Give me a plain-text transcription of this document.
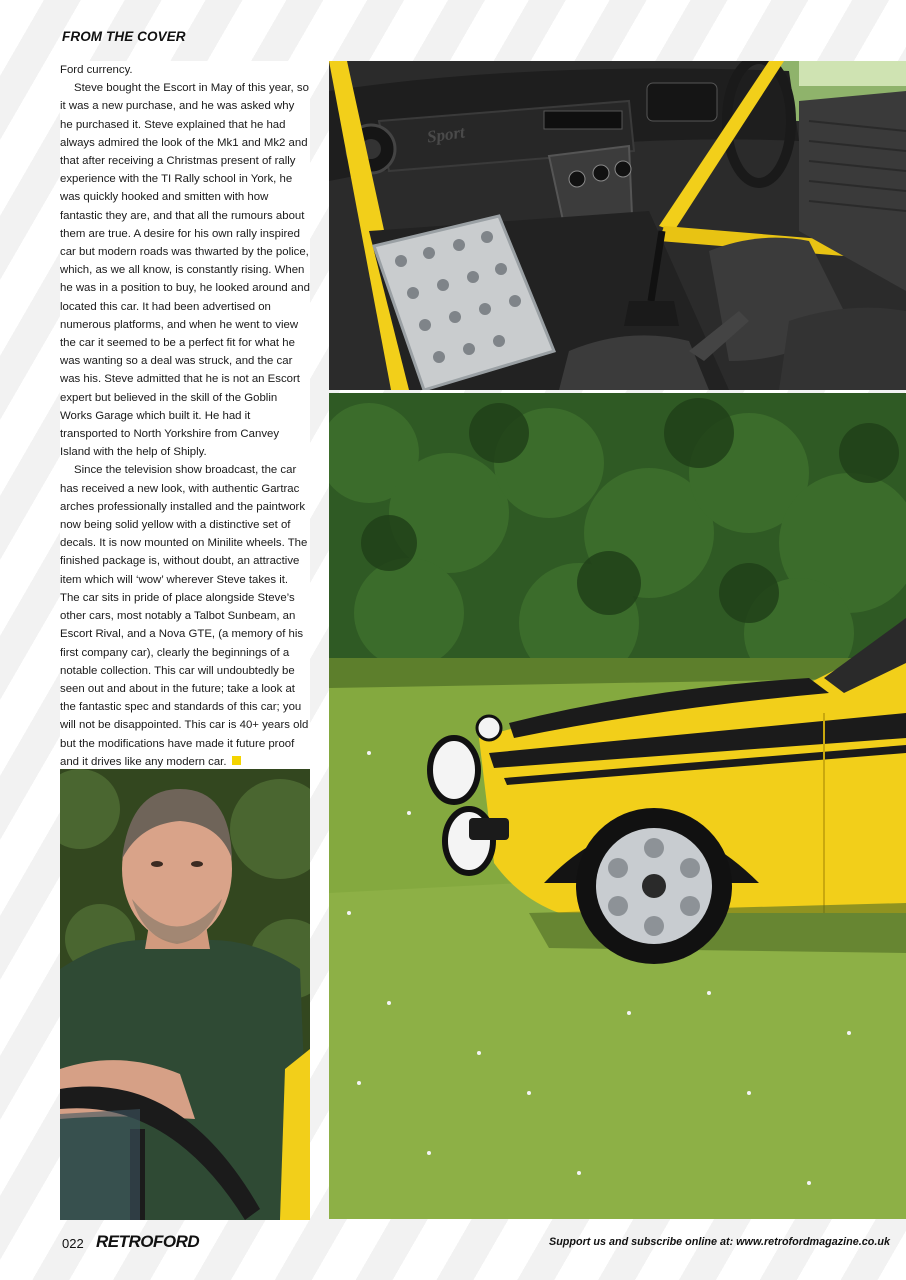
FROM THE COVER

Ford currency.

Steve bought the Escort in May of this year, so it was a new purchase, and he was asked why he purchased it. Steve explained that he had always admired the look of the Mk1 and Mk2 and that after receiving a Christmas present of rally experience with the TI Rally school in York, he was quickly hooked and smitten with how fantastic they are, and that all the rumours about them are true. A desire for his own rally inspired car but modern roads was thwarted by the police, which, as we all know, is constantly rising. When he was in a position to buy, he looked around and located this car. It had been advertised on numerous platforms, and when he went to view the car it seemed to be a perfect fit for what he was wanting so a deal was struck, and the car was his. Steve admitted that he is not an Escort expert but believed in the skill of the Goblin Works Garage which built it. He had it transported to North Yorkshire from Canvey Island with the help of Shiply.

Since the television show broadcast, the car has received a new look, with authentic Gartrac arches professionally installed and the paintwork now being solid yellow with a distinctive set of decals. It is now mounted on Minilite wheels. The finished package is, without doubt, an attractive item which will ‘wow’ wherever Steve takes it. The car sits in pride of place alongside Steve’s other cars, most notably a Talbot Sunbeam, an Escort Rival, and a Nova GTE, (a memory of his first company car), clearly the beginnings of a notable collection. This car will undoubtedly be seen out and about in the future; take a look at the fantastic spec and standards of this car; you will not be disappointed. This car is 40+ years old but the modifications have made it future proof and it drives like any modern car.

Sport
022 RETROFORD	Support us and subscribe online at: www.retrofordmagazine.co.uk
